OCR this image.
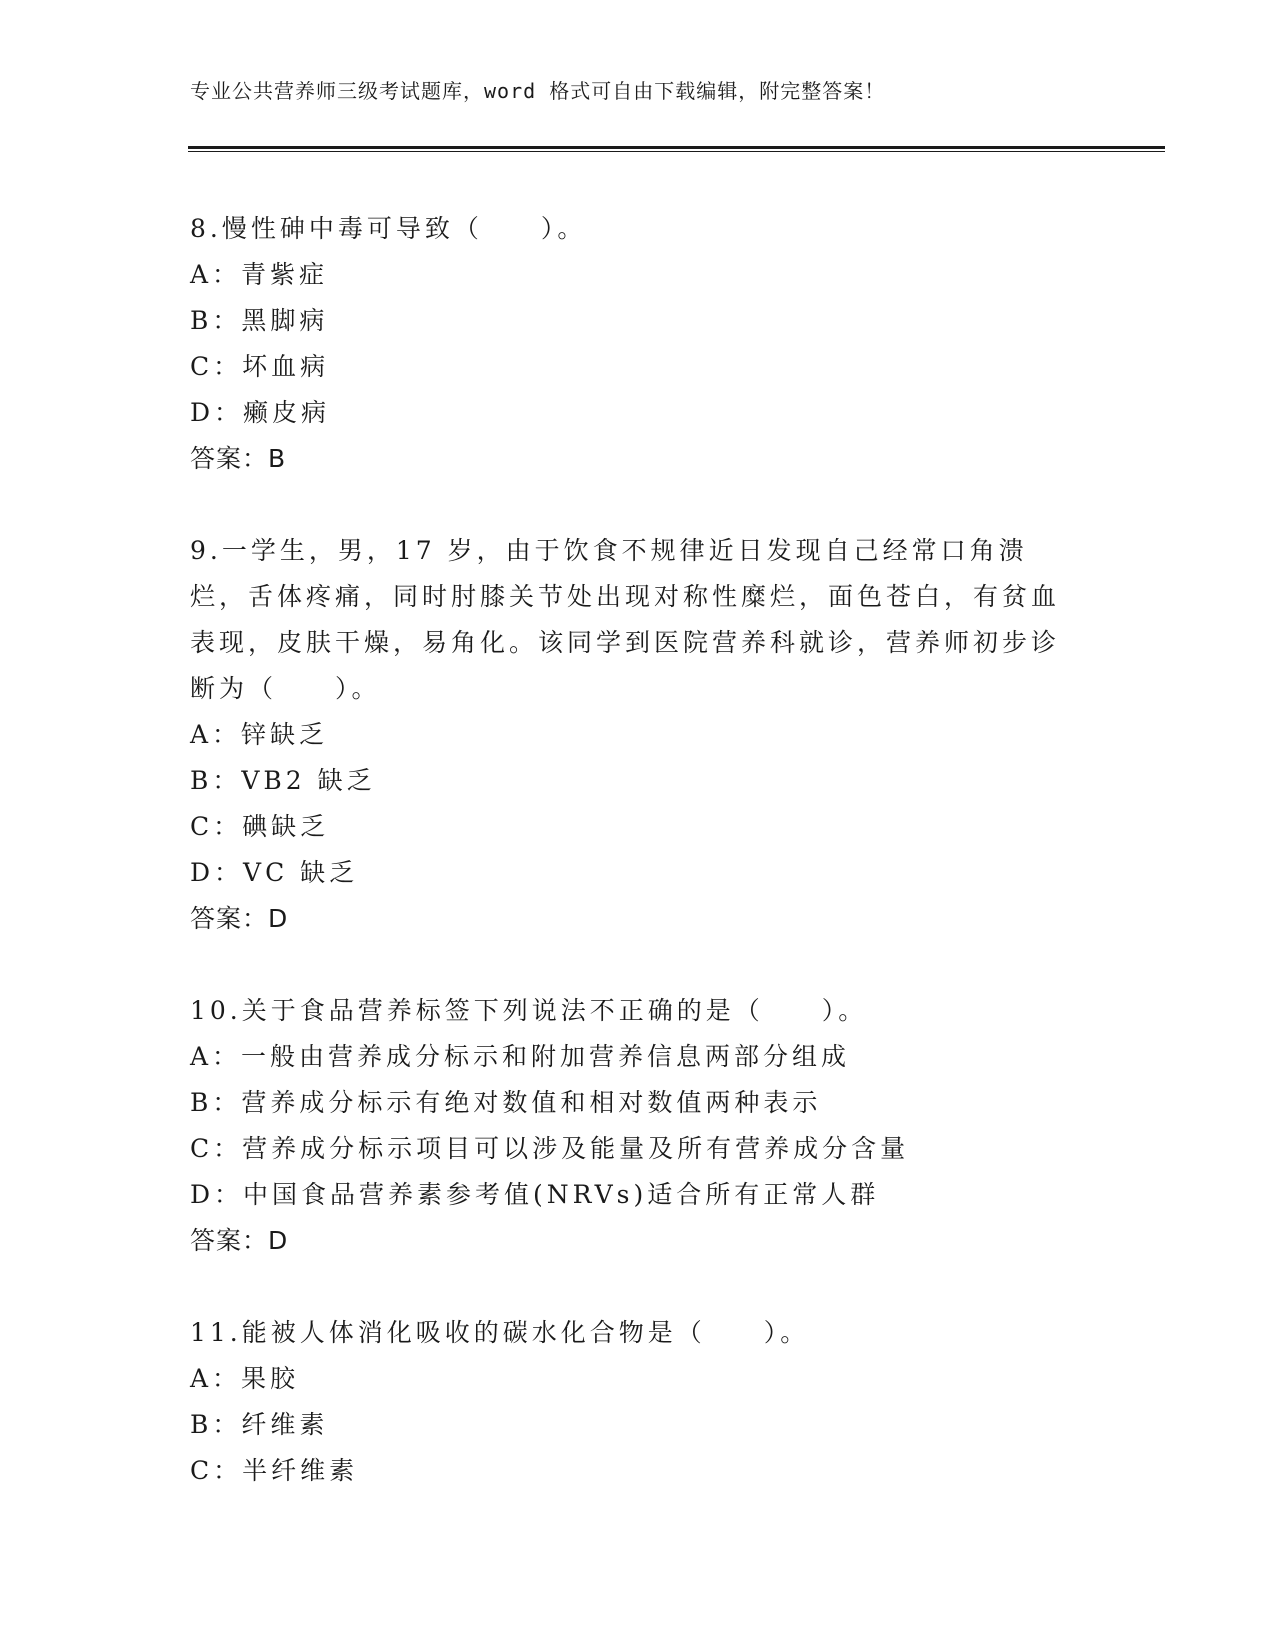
专业公共营养师三级考试题库，word 格式可自由下载编辑，附完整答案！

8.慢性砷中毒可导致（　　）。

A：青紫症

B：黑脚病

C：坏血病

D：癞皮病

答案：B

9.一学生，男，17 岁，由于饮食不规律近日发现自己经常口角溃烂，舌体疼痛，同时肘膝关节处出现对称性糜烂，面色苍白，有贫血表现，皮肤干燥，易角化。该同学到医院营养科就诊，营养师初步诊断为（　　）。

A：锌缺乏

B：VB2 缺乏

C：碘缺乏

D：VC 缺乏

答案：D

10.关于食品营养标签下列说法不正确的是（　　）。

A：一般由营养成分标示和附加营养信息两部分组成

B：营养成分标示有绝对数值和相对数值两种表示

C：营养成分标示项目可以涉及能量及所有营养成分含量

D：中国食品营养素参考值(NRVs)适合所有正常人群

答案：D

11.能被人体消化吸收的碳水化合物是（　　）。

A：果胶

B：纤维素

C：半纤维素
